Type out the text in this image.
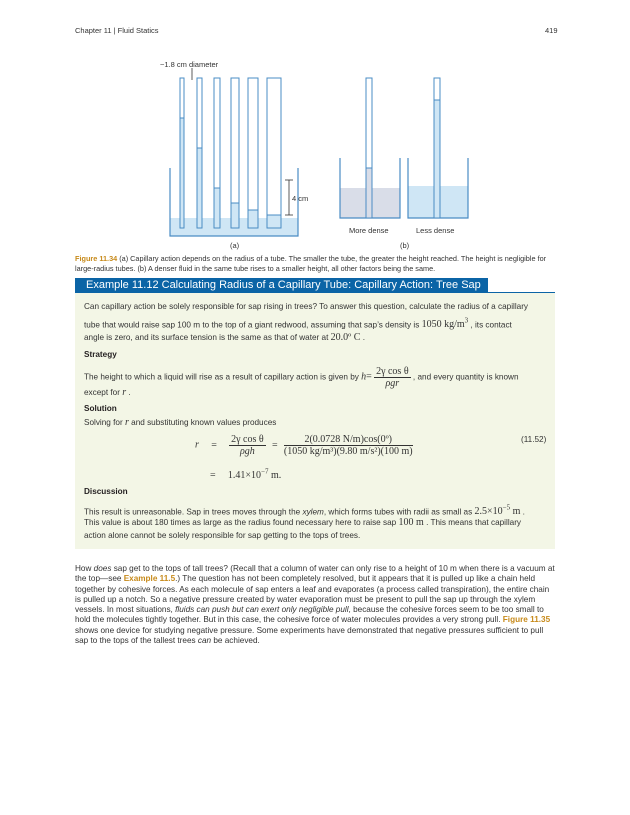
Chapter 11 | Fluid Statics	419
~1.8 cm diameter
4 cm
(a)
More dense	Less dense
(b)
Figure 11.34 (a) Capillary action depends on the radius of a tube. The smaller the tube, the greater the height reached. The height is negligible for large-radius tubes. (b) A denser fluid in the same tube rises to a smaller height, all other factors being the same.
Example 11.12 Calculating Radius of a Capillary Tube: Capillary Action: Tree Sap
Can capillary action be solely responsible for sap rising in trees? To answer this question, calculate the radius of a capillary
tube that would raise sap 100 m to the top of a giant redwood, assuming that sap’s density is 1050 $kg/m^3$ , its contact
angle is zero, and its surface tension is the same as that of water at 20.0º C .
Strategy
The height to which a liquid will rise as a result of capillary action is given by $h= \frac{\text{2γ cos θ}}{\text{ρgr}}$ , and every quantity is known
except for r .
Solution
Solving for r and substituting known values produces
$r = \frac{\text{2γ cos θ}}{\text{ρgh}} = \frac{\text{2(0.0728 N/m)cos(0º)}}{\text{(1050 kg/m³)(9.80 m/s²)(100 m)}}$	(11.52)
= $1.41\times 10^{-7}$ m.
Discussion
This result is unreasonable. Sap in trees moves through the xylem, which forms tubes with radii as small as $2.5\times 10^{-5}$ m .
This value is about 180 times as large as the radius found necessary here to raise sap 100 m . This means that capillary
action alone cannot be solely responsible for sap getting to the tops of trees.
How does sap get to the tops of tall trees? (Recall that a column of water can only rise to a height of 10 m when there is a vacuum at the top—see Example 11.5.) The question has not been completely resolved, but it appears that it is pulled up like a chain held together by cohesive forces. As each molecule of sap enters a leaf and evaporates (a process called transpiration), the entire chain is pulled up a notch. So a negative pressure created by water evaporation must be present to pull the sap up through the xylem vessels. In most situations, fluids can push but can exert only negligible pull, because the cohesive forces seem to be too small to hold the molecules tightly together. But in this case, the cohesive force of water molecules provides a very strong pull. Figure 11.35 shows one device for studying negative pressure. Some experiments have demonstrated that negative pressures sufficient to pull sap to the tops of the tallest trees can be achieved.
